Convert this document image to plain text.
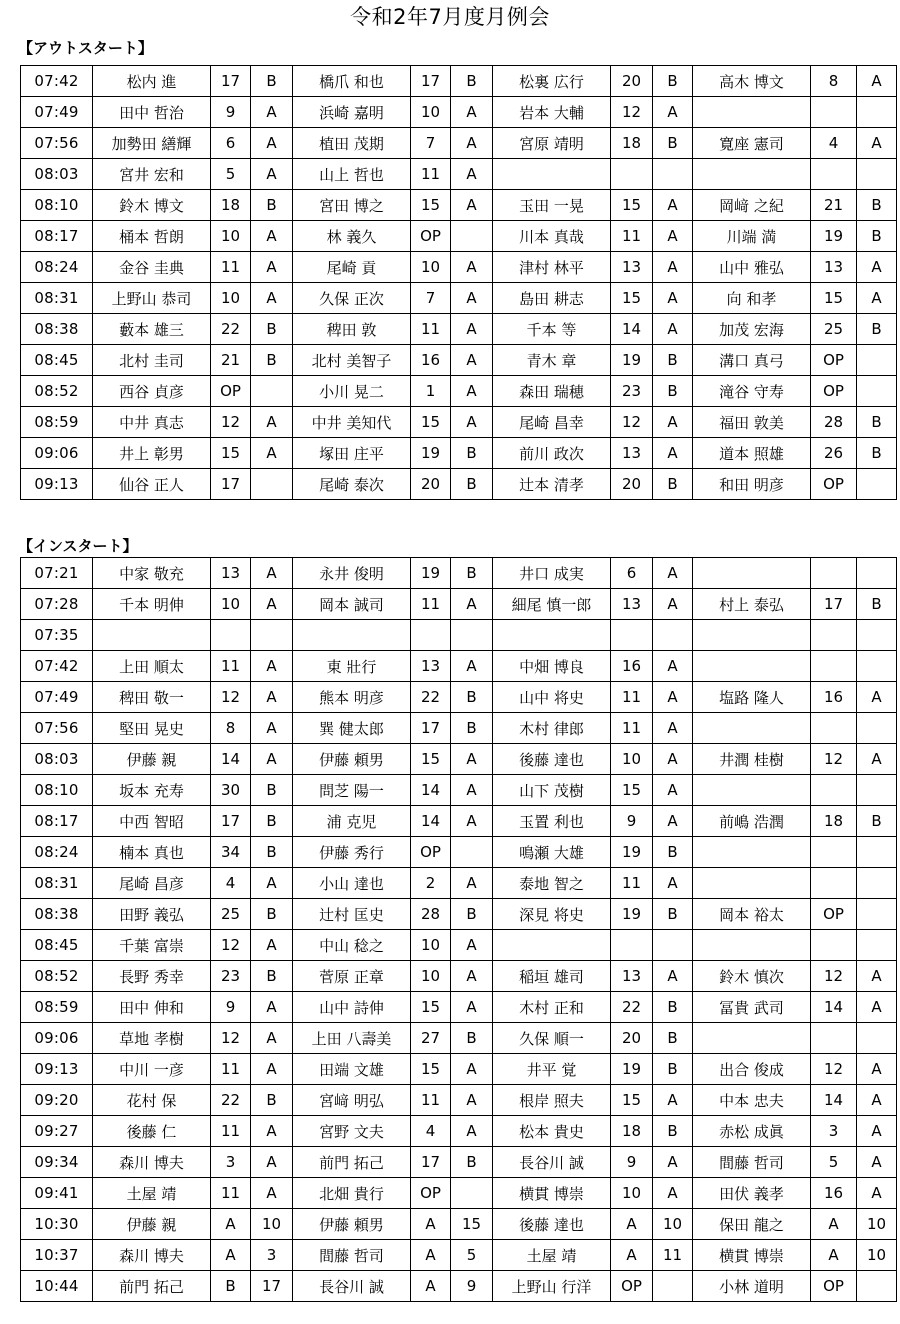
令和2年7月度月例会
【アウトスタート】
07:42	松内 進	17	B	橋爪 和也	17	B	松裏 広行	20	B	高木 博文	8	A
07:49	田中 哲治	9	A	浜崎 嘉明	10	A	岩本 大輔	12	A			
07:56	加勢田 繕輝	6	A	植田 茂期	7	A	宮原 靖明	18	B	寛座 憲司	4	A
08:03	宮井 宏和	5	A	山上 哲也	11	A						
08:10	鈴木 博文	18	B	宮田 博之	15	A	玉田 一晃	15	A	岡﨑 之紀	21	B
08:17	桶本 哲朗	10	A	林 義久	OP		川本 真哉	11	A	川端 満	19	B
08:24	金谷 圭典	11	A	尾崎 貢	10	A	津村 林平	13	A	山中 雅弘	13	A
08:31	上野山 恭司	10	A	久保 正次	7	A	島田 耕志	15	A	向 和孝	15	A
08:38	藪本 雄三	22	B	稗田 敦	11	A	千本 等	14	A	加茂 宏海	25	B
08:45	北村 圭司	21	B	北村 美智子	16	A	青木 章	19	B	溝口 真弓	OP	
08:52	西谷 貞彦	OP		小川 晃二	1	A	森田 瑞穂	23	B	滝谷 守寿	OP	
08:59	中井 真志	12	A	中井 美知代	15	A	尾崎 昌幸	12	A	福田 敦美	28	B
09:06	井上 彰男	15	A	塚田 庄平	19	B	前川 政次	13	A	道本 照雄	26	B
09:13	仙谷 正人	17		尾崎 泰次	20	B	辻本 清孝	20	B	和田 明彦	OP	
【インスタート】
07:21	中家 敬充	13	A	永井 俊明	19	B	井口 成実	6	A			
07:28	千本 明伸	10	A	岡本 誠司	11	A	細尾 慎一郎	13	A	村上 泰弘	17	B
07:35												
07:42	上田 順太	11	A	東 壯行	13	A	中畑 博良	16	A			
07:49	稗田 敬一	12	A	熊本 明彦	22	B	山中 将史	11	A	塩路 隆人	16	A
07:56	堅田 晃史	8	A	巽 健太郎	17	B	木村 律郎	11	A			
08:03	伊藤 親	14	A	伊藤 頼男	15	A	後藤 達也	10	A	井潤 桂樹	12	A
08:10	坂本 充寿	30	B	問芝 陽一	14	A	山下 茂樹	15	A			
08:17	中西 智昭	17	B	浦 克児	14	A	玉置 利也	9	A	前嶋 浩潤	18	B
08:24	楠本 真也	34	B	伊藤 秀行	OP		鳴瀬 大雄	19	B			
08:31	尾崎 昌彦	4	A	小山 達也	2	A	泰地 智之	11	A			
08:38	田野 義弘	25	B	辻村 匡史	28	B	深見 将史	19	B	岡本 裕太	OP	
08:45	千葉 富崇	12	A	中山 稔之	10	A						
08:52	長野 秀幸	23	B	菅原 正章	10	A	稲垣 雄司	13	A	鈴木 慎次	12	A
08:59	田中 伸和	9	A	山中 詩伸	15	A	木村 正和	22	B	冨貴 武司	14	A
09:06	草地 孝樹	12	A	上田 八壽美	27	B	久保 順一	20	B			
09:13	中川 一彦	11	A	田端 文雄	15	A	井平 覚	19	B	出合 俊成	12	A
09:20	花村 保	22	B	宮﨑 明弘	11	A	根岸 照夫	15	A	中本 忠夫	14	A
09:27	後藤 仁	11	A	宮野 文夫	4	A	松本 貴史	18	B	赤松 成眞	3	A
09:34	森川 博夫	3	A	前門 拓己	17	B	長谷川 誠	9	A	間藤 哲司	5	A
09:41	土屋 靖	11	A	北畑 貴行	OP		横貫 博崇	10	A	田伏 義孝	16	A
10:30	伊藤 親	A	10	伊藤 頼男	A	15	後藤 達也	A	10	保田 龍之	A	10
10:37	森川 博夫	A	3	間藤 哲司	A	5	土屋 靖	A	11	横貫 博崇	A	10
10:44	前門 拓己	B	17	長谷川 誠	A	9	上野山 行洋	OP		小林 道明	OP	
